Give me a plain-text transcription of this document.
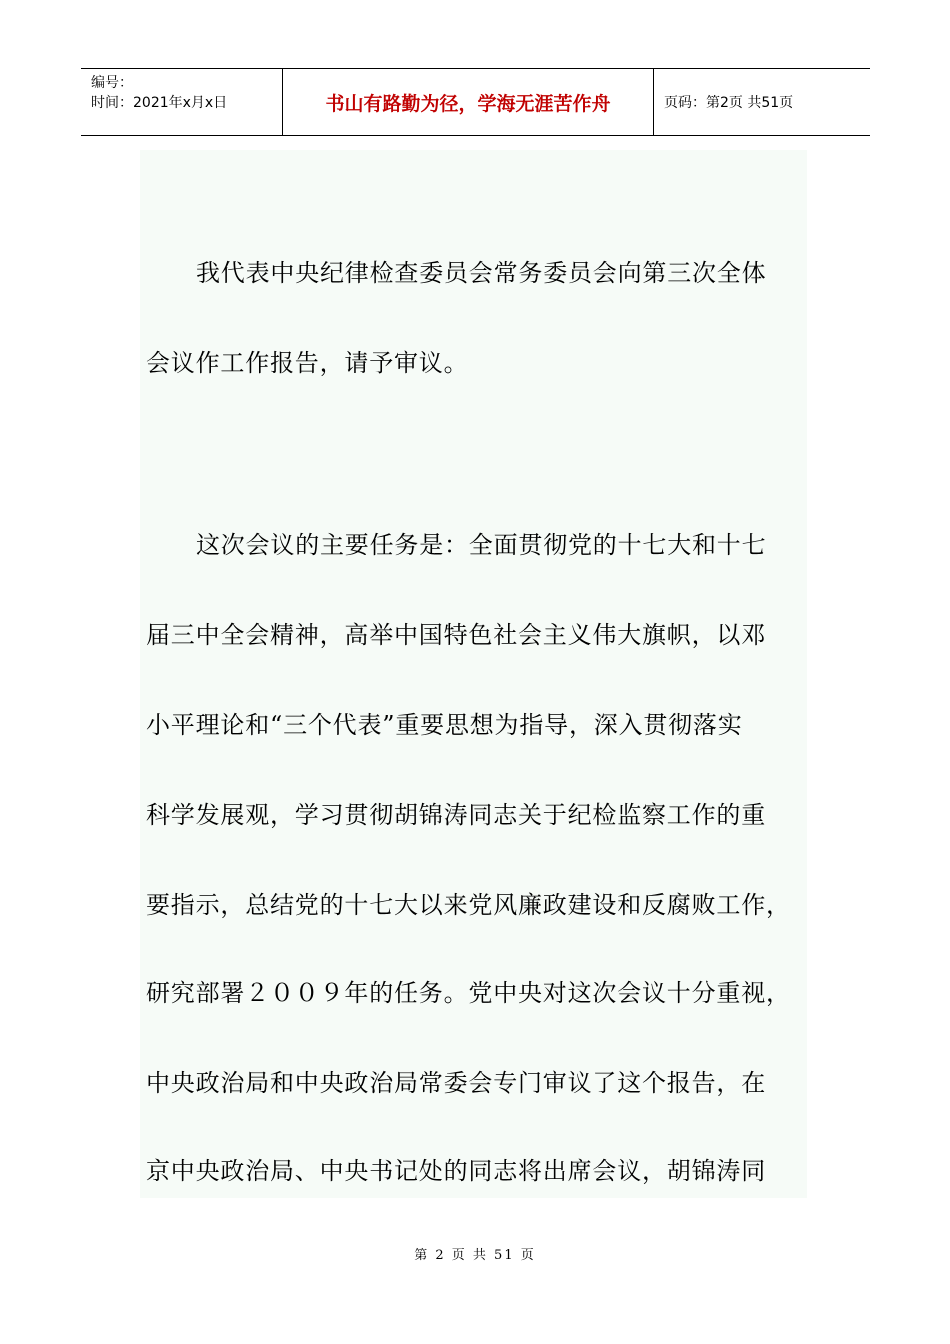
编号：
时间：2021年x月x日	书山有路勤为径，学海无涯苦作舟	页码：第2页 共51页
我代表中央纪律检查委员会常务委员会向第三次全体
会议作工作报告，请予审议。
这次会议的主要任务是：全面贯彻党的十七大和十七
届三中全会精神，高举中国特色社会主义伟大旗帜，以邓
小平理论和“三个代表”重要思想为指导，深入贯彻落实
科学发展观，学习贯彻胡锦涛同志关于纪检监察工作的重
要指示，总结党的十七大以来党风廉政建设和反腐败工作，
研究部署２００９年的任务。党中央对这次会议十分重视，
中央政治局和中央政治局常委会专门审议了这个报告，在
京中央政治局、中央书记处的同志将出席会议，胡锦涛同
第 2 页 共 51 页
